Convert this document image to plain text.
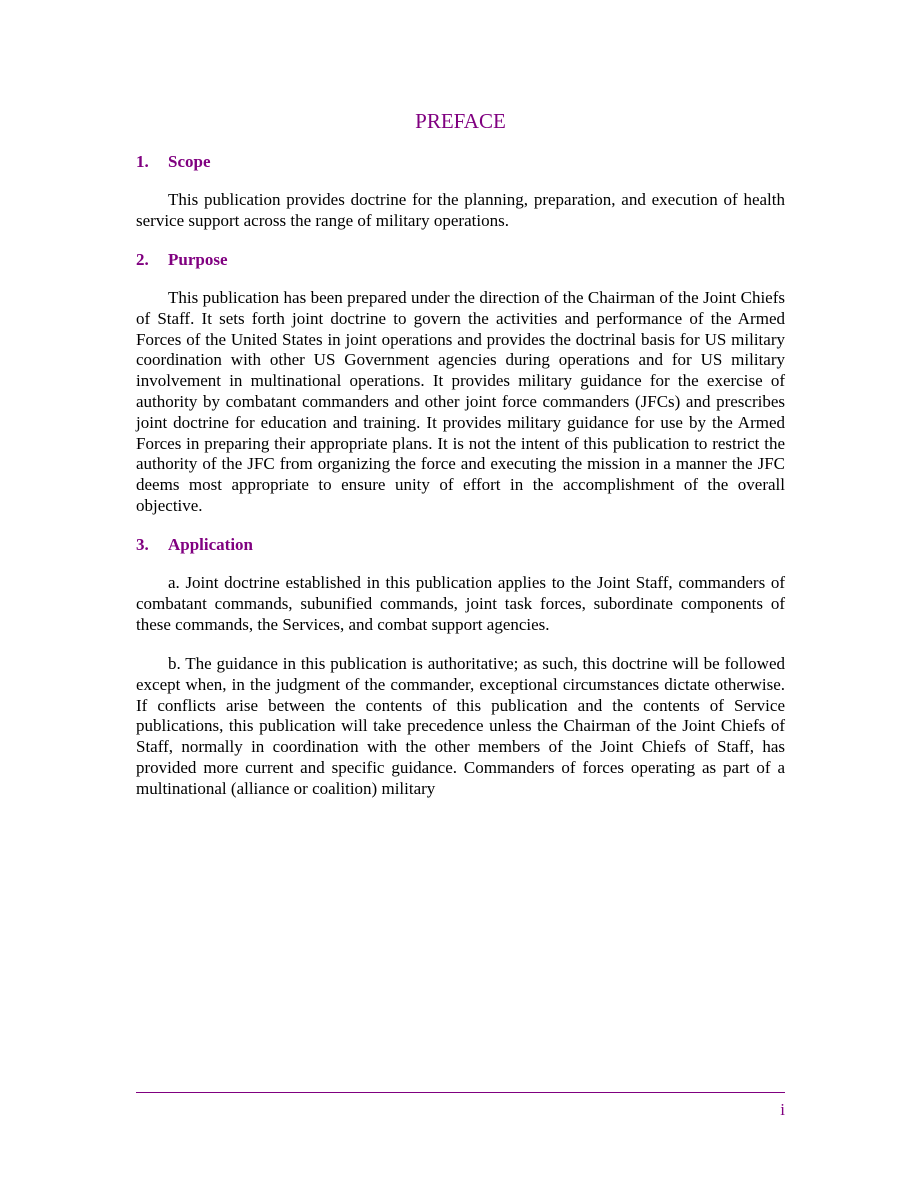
PREFACE
1. Scope

This publication provides doctrine for the planning, preparation, and execution of health service support across the range of military operations.

2. Purpose

This publication has been prepared under the direction of the Chairman of the Joint Chiefs of Staff. It sets forth joint doctrine to govern the activities and performance of the Armed Forces of the United States in joint operations and provides the doctrinal basis for US military coordination with other US Government agencies during operations and for US military involvement in multinational operations. It provides military guidance for the exercise of authority by combatant commanders and other joint force commanders (JFCs) and prescribes joint doctrine for education and training. It provides military guidance for use by the Armed Forces in preparing their appropriate plans. It is not the intent of this publication to restrict the authority of the JFC from organizing the force and executing the mission in a manner the JFC deems most appropriate to ensure unity of effort in the accomplishment of the overall objective.

3. Application

a. Joint doctrine established in this publication applies to the Joint Staff, commanders of combatant commands, subunified commands, joint task forces, subordinate components of these commands, the Services, and combat support agencies.

b. The guidance in this publication is authoritative; as such, this doctrine will be followed except when, in the judgment of the commander, exceptional circumstances dictate otherwise. If conflicts arise between the contents of this publication and the contents of Service publications, this publication will take precedence unless the Chairman of the Joint Chiefs of Staff, normally in coordination with the other members of the Joint Chiefs of Staff, has provided more current and specific guidance. Commanders of forces operating as part of a multinational (alliance or coalition) military

i
